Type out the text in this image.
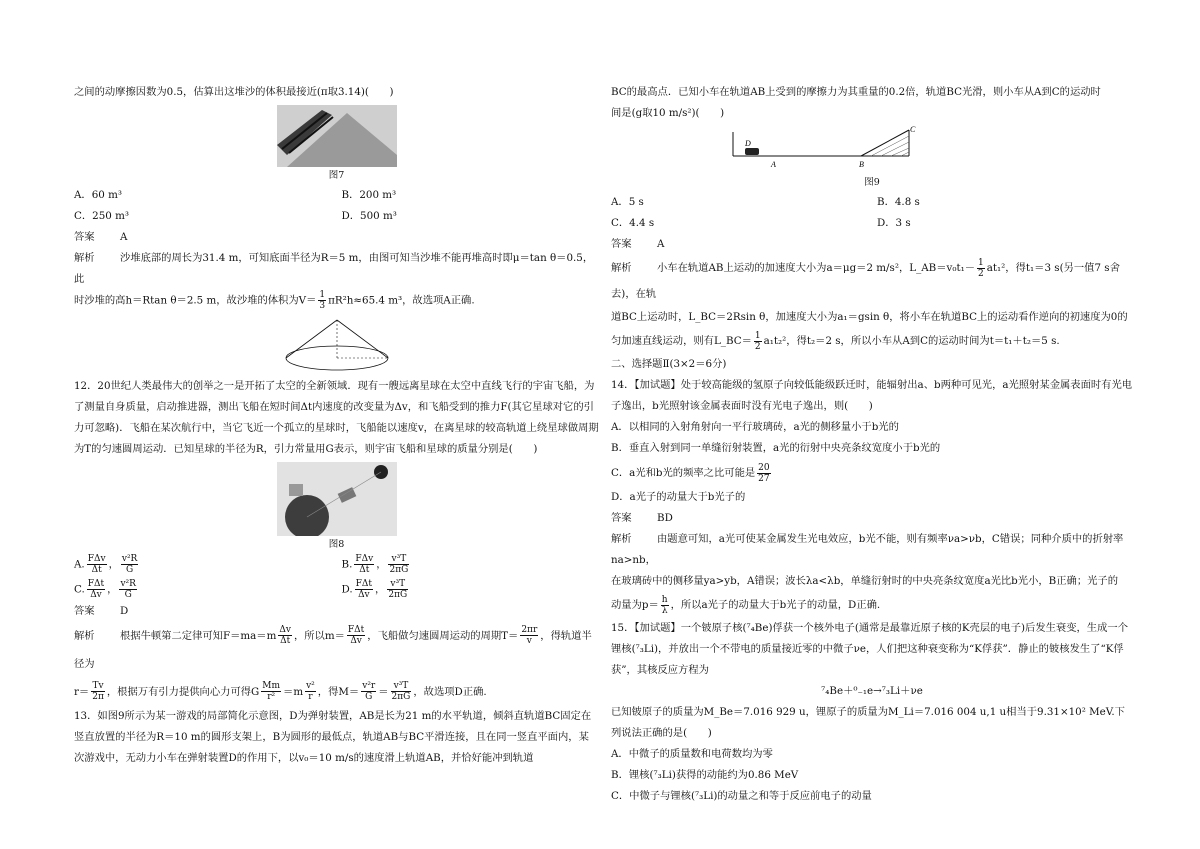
之间的动摩擦因数为0.5，估算出这堆沙的体积最接近(π取3.14)(　　)

图7
A．60 m³	B．200 m³
C．250 m³	D．500 m³
答案 A
解析 沙堆底部的周长为31.4 m，可知底面半径为R＝5 m，由图可知当沙堆不能再堆高时即μ＝tan θ＝0.5，此
时沙堆的高h＝Rtan θ＝2.5 m，故沙堆的体积为$V= \frac{1}{3} \pi R^2h\approx 65.4$ m³，故选项A正确.

12．20世纪人类最伟大的创举之一是开拓了太空的全新领域．现有一艘远离星球在太空中直线飞行的宇宙飞船，为了测量自身质量，启动推进器，测出飞船在短时间Δt内速度的改变量为Δv，和飞船受到的推力F(其它星球对它的引力可忽略)．飞船在某次航行中，当它飞近一个孤立的星球时，飞船能以速度v，在离星球的较高轨道上绕星球做周期为T的匀速圆周运动．已知星球的半径为R，引力常量用G表示，则宇宙飞船和星球的质量分别是(　　)

图8
A. $\frac{\text{FΔv}}{\Delta t}$ ， $\frac{\text{v²R}}{G}$	B. $\frac{\text{FΔv}}{\Delta t}$ ， $\frac{\text{v³T}}{2\pi G}$
C. $\frac{\text{FΔt}}{\Delta v}$ ， $\frac{\text{v²R}}{G}$	D. $\frac{\text{FΔt}}{\Delta v}$ ， $\frac{\text{v³T}}{2\pi G}$
答案 D
解析 根据牛顿第二定律可知$F=ma=m \frac{\Delta v}{\Delta t}$ ，所以$m= \frac{\text{FΔt}}{\Delta v}$ ，飞船做匀速圆周运动的周期$T= \frac{2\pi r}{v}$ ，得轨道半径为
$r= \frac{Tv}{2\pi}$ ，根据万有引力提供向心力可得G $\frac{Mm}{\text{r²}} =m \frac{\text{v²}}{r}$ ，得$M= \frac{\text{v²r}}{G} = \frac{\text{v³T}}{2\pi G}$ ，故选项D正确.

13．如图9所示为某一游戏的局部简化示意图，D为弹射装置，AB是长为21 m的水平轨道，倾斜直轨道BC固定在竖直放置的半径为R＝10 m的圆形支架上，B为圆形的最低点，轨道AB与BC平滑连接，且在同一竖直平面内，某次游戏中，无动力小车在弹射装置D的作用下，以v₀＝10 m/s的速度滑上轨道AB，并恰好能冲到轨道

BC的最高点．已知小车在轨道AB上受到的摩擦力为其重量的0.2倍，轨道BC光滑，则小车从A到C的运动时

间是(g取10 m/s²)(　　)

D
A	B
C
图9
A．5 s	B．4.8 s
C．4.4 s	D．3 s
答案 A
解析 小车在轨道AB上运动的加速度大小为a＝μg＝2 m/s²，L_AB＝v₀t₁－ $\frac{1}{2} at_1^2$，得t₁＝3 s(另一值7 s舍去)，在轨
道BC上运动时，L_BC＝2Rsin θ，加速度大小为a₁＝gsin θ，将小车在轨道BC上的运动看作逆向的初速度为0的
匀加速直线运动，则有L_BC＝ $\frac{1}{2} a_1t_2^2$，得t₂＝2 s，所以小车从A到C的运动时间为t＝t₁＋t₂＝5 s.
二、选择题Ⅱ(3×2＝6分)

14．【加试题】处于较高能级的氢原子向较低能级跃迁时，能辐射出a、b两种可见光，a光照射某金属表面时有光电子逸出，b光照射该金属表面时没有光电子逸出，则(　　)

A．以相同的入射角射向一平行玻璃砖，a光的侧移量小于b光的
B．垂直入射到同一单缝衍射装置，a光的衍射中央亮条纹宽度小于b光的
C．a光和b光的频率之比可能是 $\frac{20}{27}$
D．a光子的动量大于b光子的
答案 BD
解析 由题意可知，a光可使某金属发生光电效应，b光不能，则有频率νa>νb，C错误；同种介质中的折射率na>nb，
在玻璃砖中的侧移量ya>yb，A错误；波长λa<λb，单缝衍射时的中央亮条纹宽度a光比b光小，B正确；光子的
动量为$p= \frac{h}{\lambda}$ ，所以a光子的动量大于b光子的动量，D正确.

15．【加试题】一个铍原子核(⁷₄Be)俘获一个核外电子(通常是最靠近原子核的K壳层的电子)后发生衰变，生成一个锂核(⁷₃Li)，并放出一个不带电的质量接近零的中微子νe，人们把这种衰变称为“K俘获”．静止的铍核发生了“K俘获”，其核反应方程为

⁷₄Be＋⁰₋₁e→⁷₃Li＋νe

已知铍原子的质量为M_Be＝7.016 929 u，锂原子的质量为M_Li＝7.016 004 u,1 u相当于9.31×10² MeV.下列说法正确的是(　　)

A．中微子的质量数和电荷数均为零
B．锂核(⁷₃Li)获得的动能约为0.86 MeV
C．中微子与锂核(⁷₃Li)的动量之和等于反应前电子的动量
